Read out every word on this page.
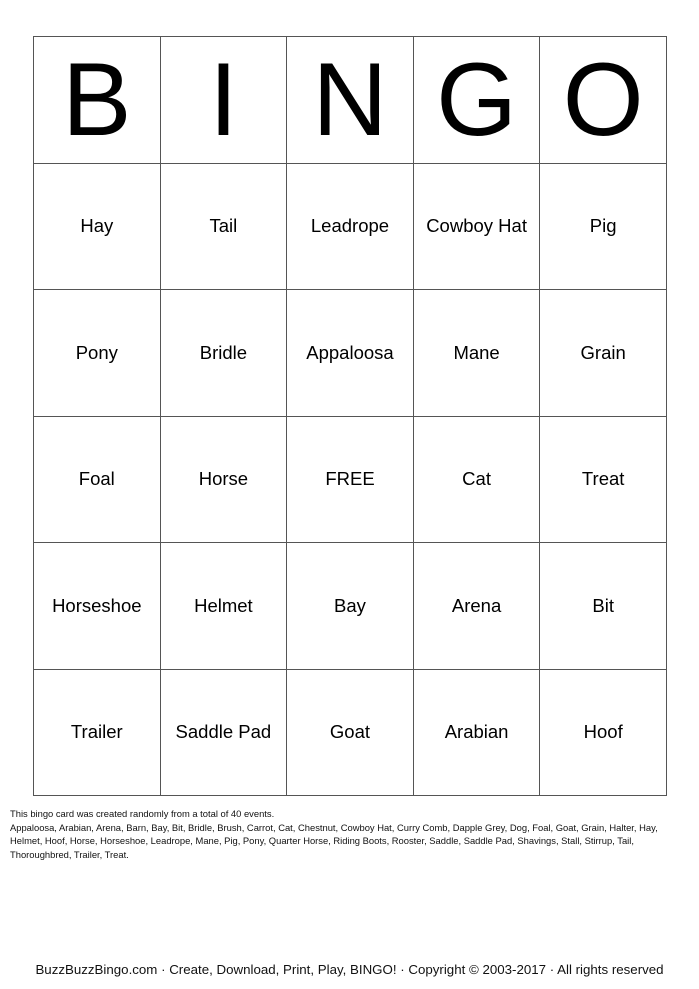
B	I	N	G	O
Hay	Tail	Leadrope	Cowboy Hat	Pig
Pony	Bridle	Appaloosa	Mane	Grain
Foal	Horse	FREE	Cat	Treat
Horseshoe	Helmet	Bay	Arena	Bit
Trailer	Saddle Pad	Goat	Arabian	Hoof
This bingo card was created randomly from a total of 40 events.
Appaloosa, Arabian, Arena, Barn, Bay, Bit, Bridle, Brush, Carrot, Cat, Chestnut, Cowboy Hat, Curry Comb, Dapple Grey, Dog, Foal, Goat, Grain, Halter, Hay, Helmet, Hoof, Horse, Horseshoe, Leadrope, Mane, Pig, Pony, Quarter Horse, Riding Boots, Rooster, Saddle, Saddle Pad, Shavings, Stall, Stirrup, Tail, Thoroughbred, Trailer, Treat.
BuzzBuzzBingo.com · Create, Download, Print, Play, BINGO! · Copyright © 2003-2017 · All rights reserved
